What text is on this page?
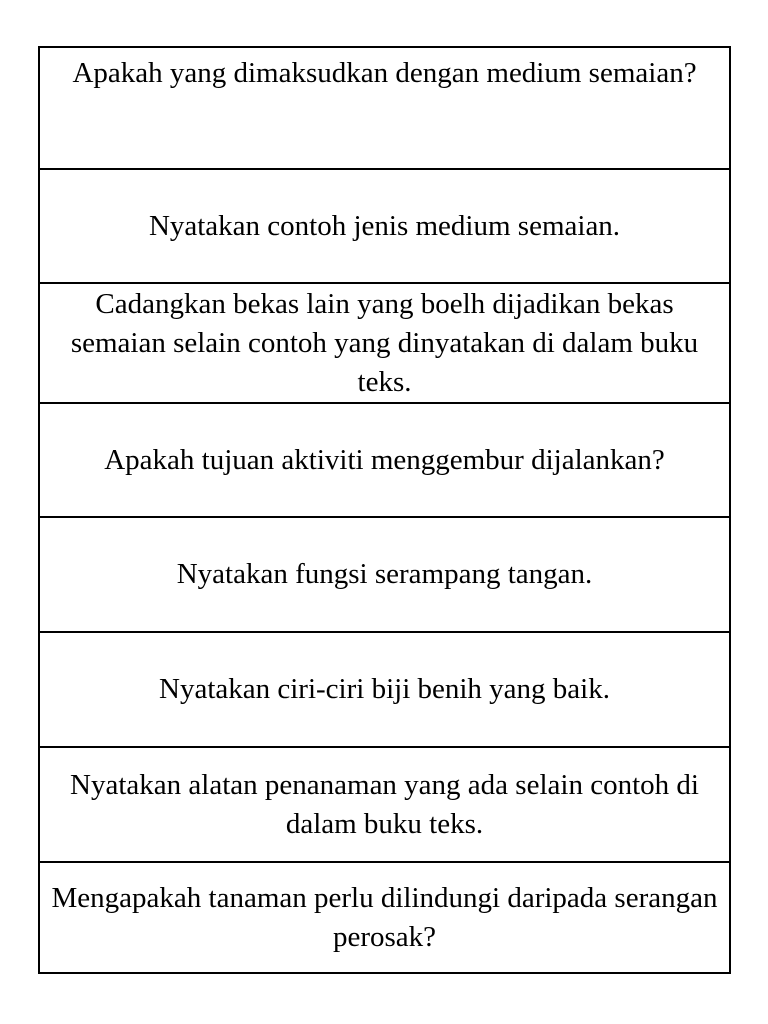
Apakah yang dimaksudkan dengan medium semaian?
Nyatakan contoh jenis medium semaian.
Cadangkan bekas lain yang boelh dijadikan bekas semaian selain contoh yang dinyatakan di dalam buku teks.
Apakah tujuan aktiviti menggembur dijalankan?
Nyatakan fungsi serampang tangan.
Nyatakan ciri-ciri biji benih yang baik.
Nyatakan alatan penanaman yang ada selain contoh di dalam buku teks.
Mengapakah tanaman perlu dilindungi daripada serangan perosak?
